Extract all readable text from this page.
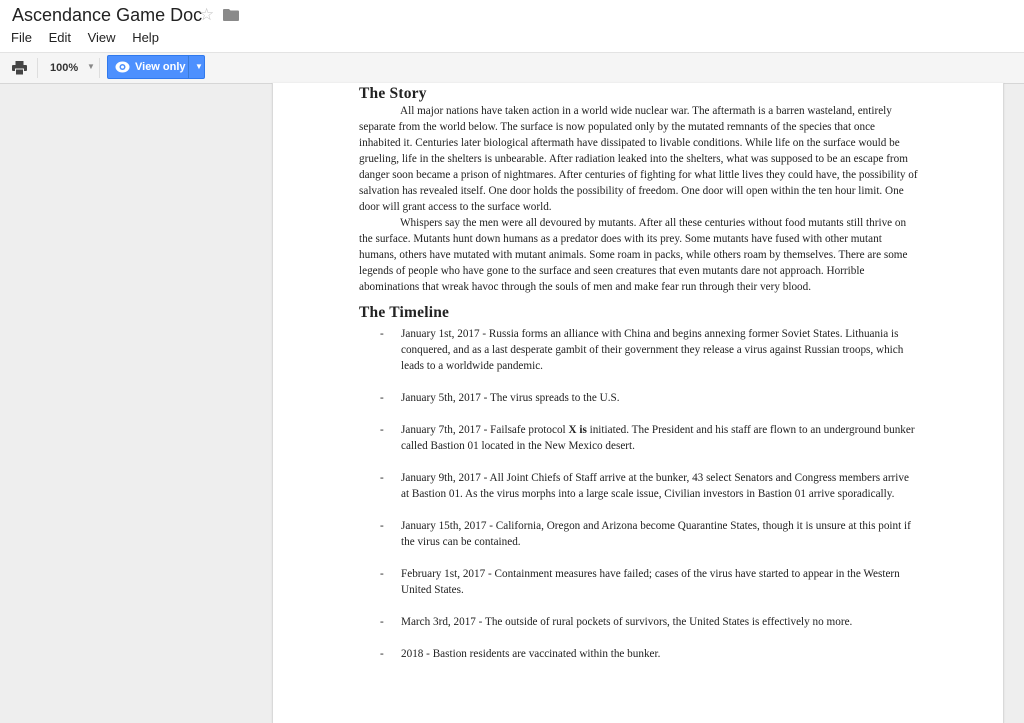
Ascendance Game Doc
☆
File Edit View Help
100% ▼	View only ▼
The Story

All major nations have taken action in a world wide nuclear war. The aftermath is a barren wasteland, entirely separate from the world below. The surface is now populated only by the mutated remnants of the species that once inhabited it. Centuries later biological aftermath have dissipated to livable conditions. While life on the surface would be grueling, life in the shelters is unbearable. After radiation leaked into the shelters, what was supposed to be an escape from danger soon became a prison of nightmares. After centuries of fighting for what little lives they could have, the possibility of salvation has revealed itself. One door holds the possibility of freedom. One door will open within the ten hour limit. One door will grant access to the surface world.

Whispers say the men were all devoured by mutants. After all these centuries without food mutants still thrive on the surface. Mutants hunt down humans as a predator does with its prey. Some mutants have fused with other mutant humans, others have mutated with mutant animals. Some roam in packs, while others roam by themselves. There are some legends of people who have gone to the surface and seen creatures that even mutants dare not approach. Horrible abominations that wreak havoc through the souls of men and make fear run through their very blood.

The Timeline
- January 1st, 2017 - Russia forms an alliance with China and begins annexing former Soviet States. Lithuania is conquered, and as a last desperate gambit of their government they release a virus against Russian troops, which leads to a worldwide pandemic.
- January 5th, 2017 - The virus spreads to the U.S.
- January 7th, 2017 - Failsafe protocol X is initiated. The President and his staff are flown to an underground bunker called Bastion 01 located in the New Mexico desert.
- January 9th, 2017 - All Joint Chiefs of Staff arrive at the bunker, 43 select Senators and Congress members arrive at Bastion 01. As the virus morphs into a large scale issue, Civilian investors in Bastion 01 arrive sporadically.
- January 15th, 2017 - California, Oregon and Arizona become Quarantine States, though it is unsure at this point if the virus can be contained.
- February 1st, 2017 - Containment measures have failed; cases of the virus have started to appear in the Western United States.
- March 3rd, 2017 - The outside of rural pockets of survivors, the United States is effectively no more.
- 2018 - Bastion residents are vaccinated within the bunker.
